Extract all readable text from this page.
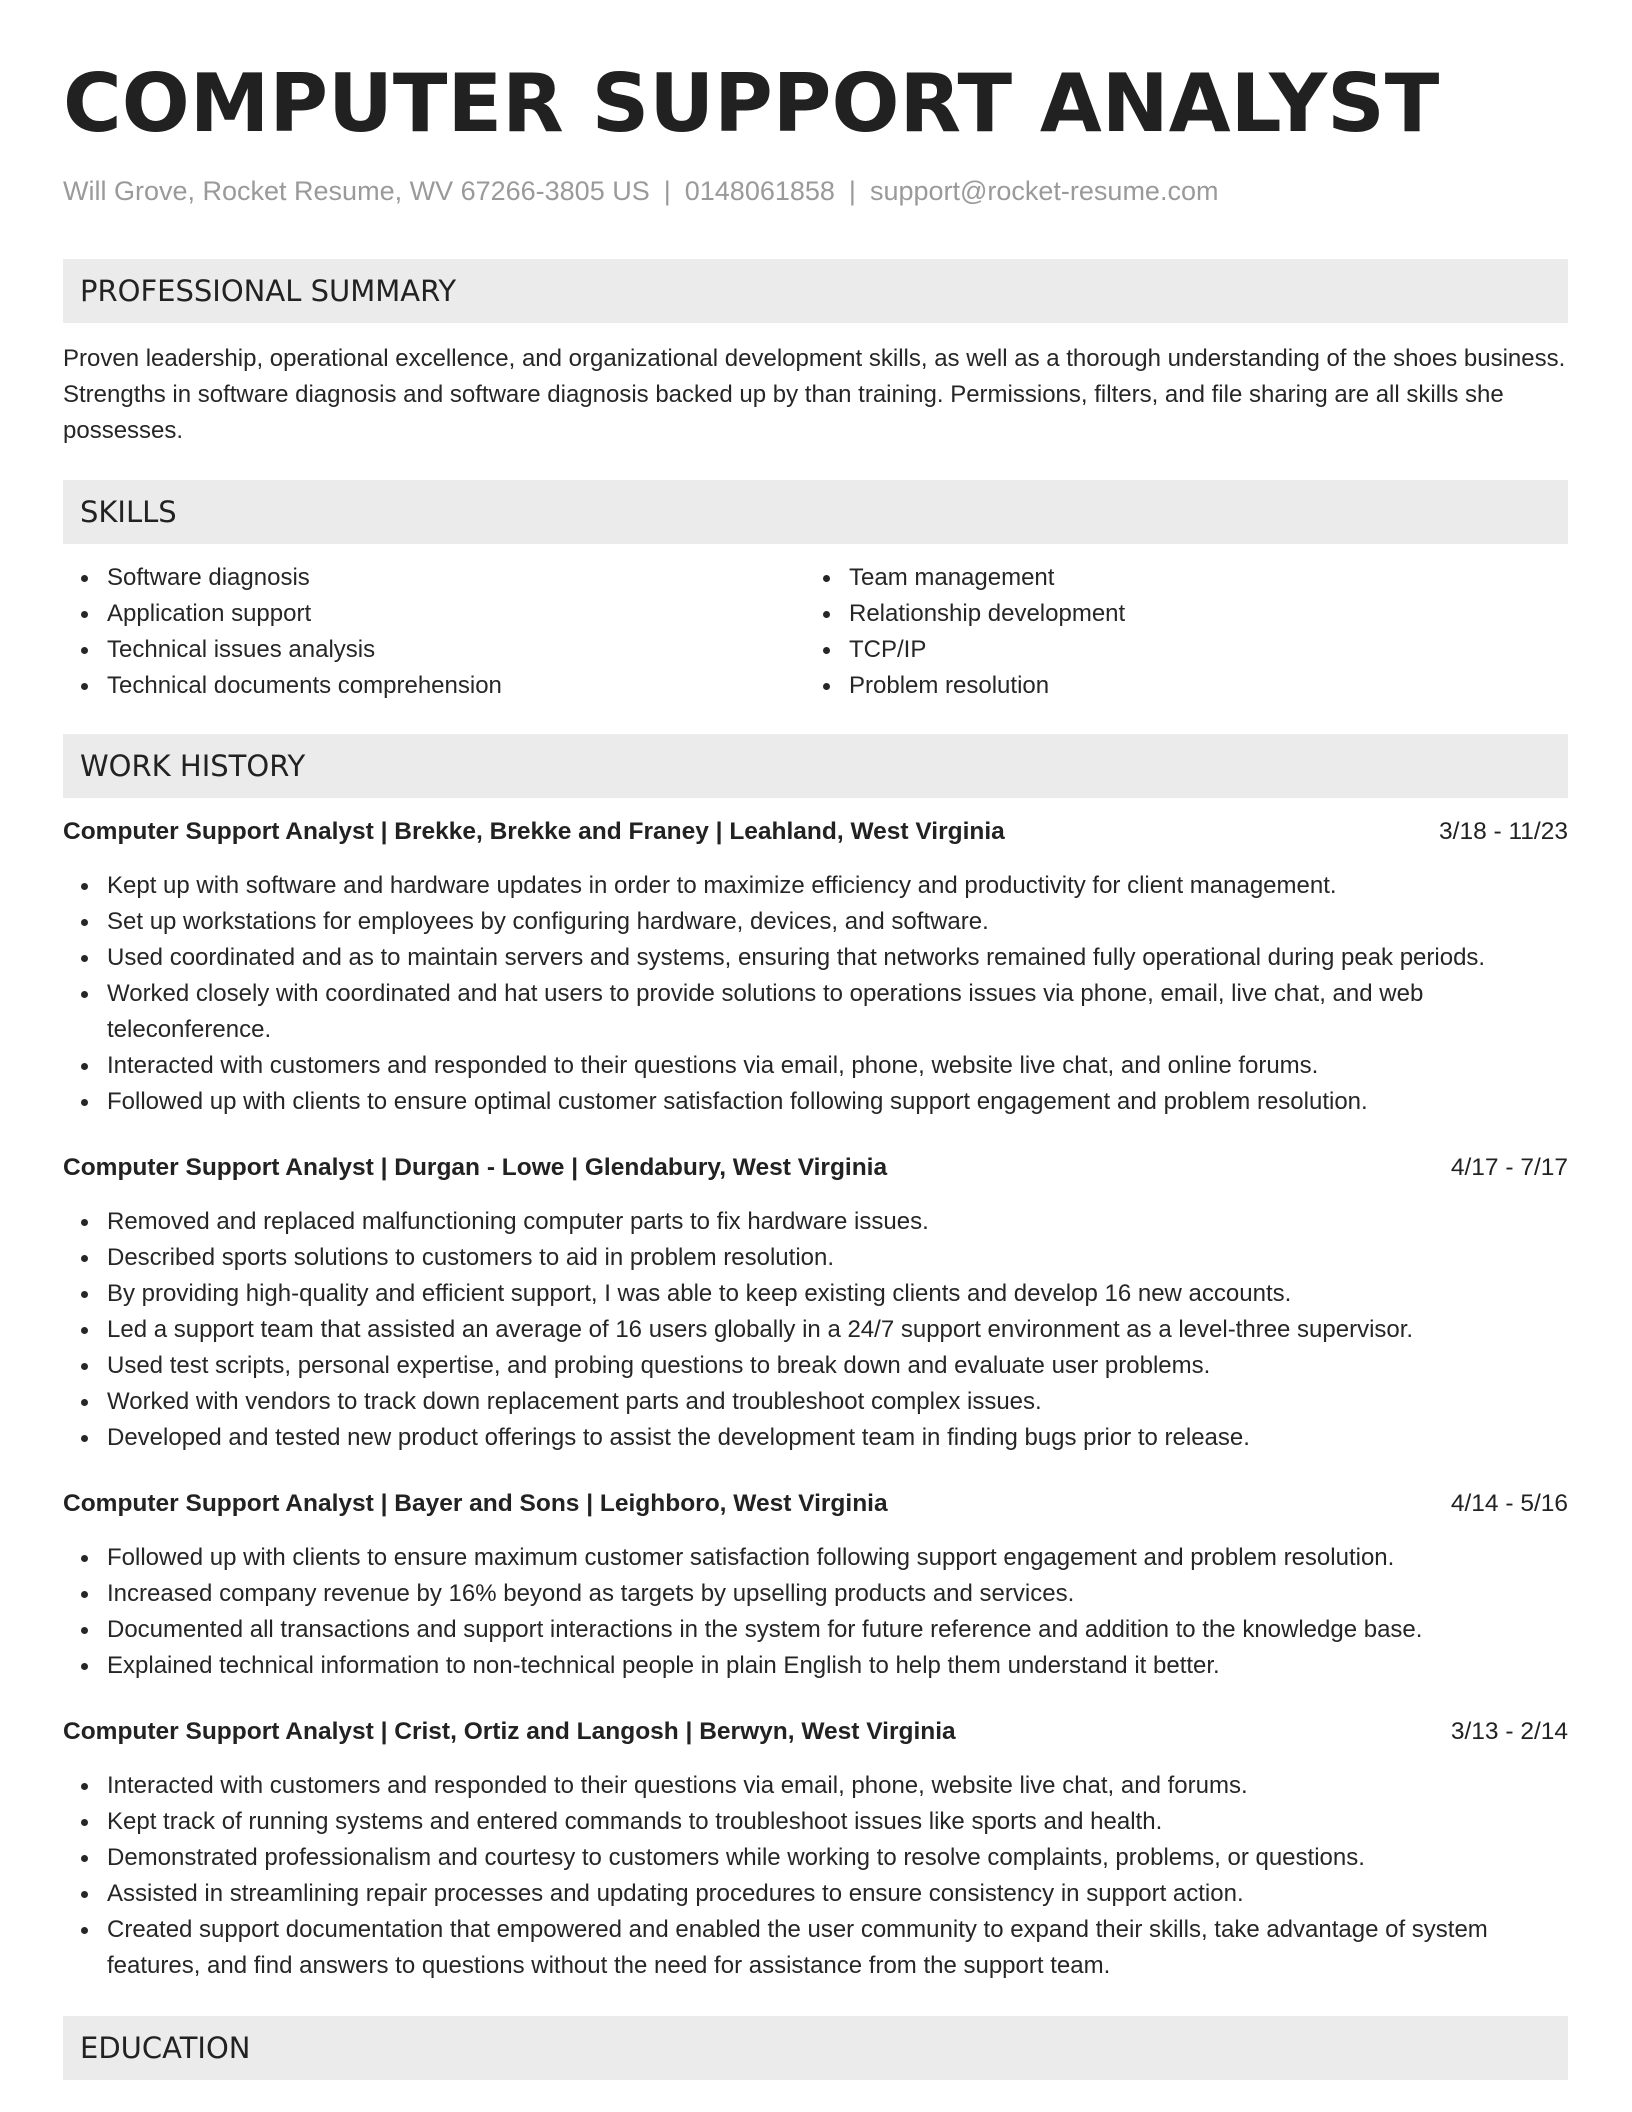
COMPUTER SUPPORT ANALYST
Will Grove, Rocket Resume, WV 67266-3805 US | 0148061858 | support@rocket-resume.com
PROFESSIONAL SUMMARY

Proven leadership, operational excellence, and organizational development skills, as well as a thorough understanding of the shoes business. Strengths in software diagnosis and software diagnosis backed up by than training. Permissions, filters, and file sharing are all skills she possesses.

SKILLS
Software diagnosis
Application support
Technical issues analysis
Technical documents comprehension
Team management
Relationship development
TCP/IP
Problem resolution
WORK HISTORY
Computer Support Analyst | Brekke, Brekke and Franey | Leahland, West Virginia	3/18 - 11/23
Kept up with software and hardware updates in order to maximize efficiency and productivity for client management.
Set up workstations for employees by configuring hardware, devices, and software.
Used coordinated and as to maintain servers and systems, ensuring that networks remained fully operational during peak periods.
Worked closely with coordinated and hat users to provide solutions to operations issues via phone, email, live chat, and web teleconference.
Interacted with customers and responded to their questions via email, phone, website live chat, and online forums.
Followed up with clients to ensure optimal customer satisfaction following support engagement and problem resolution.
Computer Support Analyst | Durgan - Lowe | Glendabury, West Virginia	4/17 - 7/17
Removed and replaced malfunctioning computer parts to fix hardware issues.
Described sports solutions to customers to aid in problem resolution.
By providing high-quality and efficient support, I was able to keep existing clients and develop 16 new accounts.
Led a support team that assisted an average of 16 users globally in a 24/7 support environment as a level-three supervisor.
Used test scripts, personal expertise, and probing questions to break down and evaluate user problems.
Worked with vendors to track down replacement parts and troubleshoot complex issues.
Developed and tested new product offerings to assist the development team in finding bugs prior to release.
Computer Support Analyst | Bayer and Sons | Leighboro, West Virginia	4/14 - 5/16
Followed up with clients to ensure maximum customer satisfaction following support engagement and problem resolution.
Increased company revenue by 16% beyond as targets by upselling products and services.
Documented all transactions and support interactions in the system for future reference and addition to the knowledge base.
Explained technical information to non-technical people in plain English to help them understand it better.
Computer Support Analyst | Crist, Ortiz and Langosh | Berwyn, West Virginia	3/13 - 2/14
Interacted with customers and responded to their questions via email, phone, website live chat, and forums.
Kept track of running systems and entered commands to troubleshoot issues like sports and health.
Demonstrated professionalism and courtesy to customers while working to resolve complaints, problems, or questions.
Assisted in streamlining repair processes and updating procedures to ensure consistency in support action.
Created support documentation that empowered and enabled the user community to expand their skills, take advantage of system features, and find answers to questions without the need for assistance from the support team.
EDUCATION
